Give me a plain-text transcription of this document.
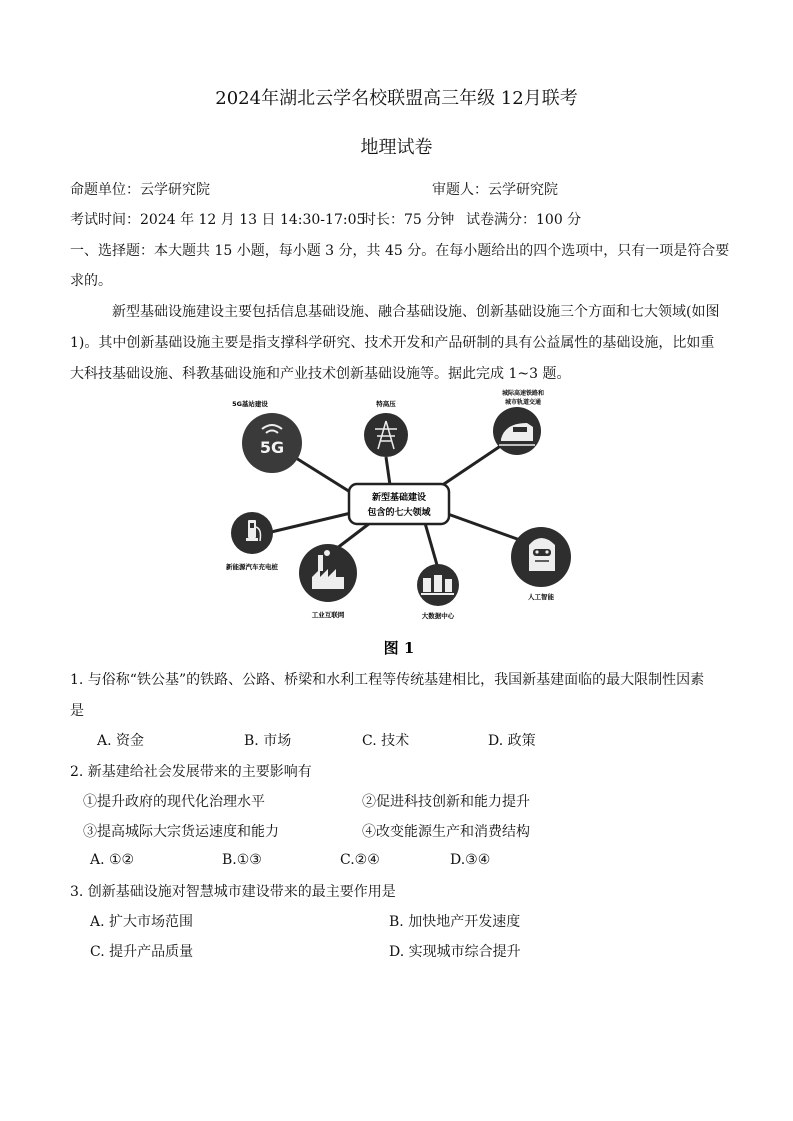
2024年湖北云学名校联盟高三年级 12月联考
地理试卷
命题单位：云学研究院	审题人：云学研究院
考试时间：2024 年 12 月 13 日 14:30-17:05
时长：75 分钟 试卷满分：100 分
一、选择题：本大题共 15 小题，每小题 3 分，共 45 分。在每小题给出的四个选项中，只有一项是符合要
求的。
新型基础设施建设主要包括信息基础设施、融合基础设施、创新基础设施三个方面和七大领域(如图
1)。其中创新基础设施主要是指支撑科学研究、技术开发和产品研制的具有公益属性的基础设施，比如重
大科技基础设施、科教基础设施和产业技术创新基础设施等。据此完成 1~3 题。
新型基础建设
包含的七大领域
5G基站建设
5G
特高压
城际高速铁路和
城市轨道交通
新能源汽车充电桩
工业互联网	大数据中心
人工智能
图 1
1. 与俗称“铁公基”的铁路、公路、桥梁和水利工程等传统基建相比，我国新基建面临的最大限制性因素
是
A. 资金	B. 市场	C. 技术	D. 政策
2. 新基建给社会发展带来的主要影响有
①提升政府的现代化治理水平	②促进科技创新和能力提升
③提高城际大宗货运速度和能力	④改变能源生产和消费结构
A. ①②	B.①③	C.②④	D.③④
3. 创新基础设施对智慧城市建设带来的最主要作用是
A. 扩大市场范围	B. 加快地产开发速度
C. 提升产品质量	D. 实现城市综合提升
